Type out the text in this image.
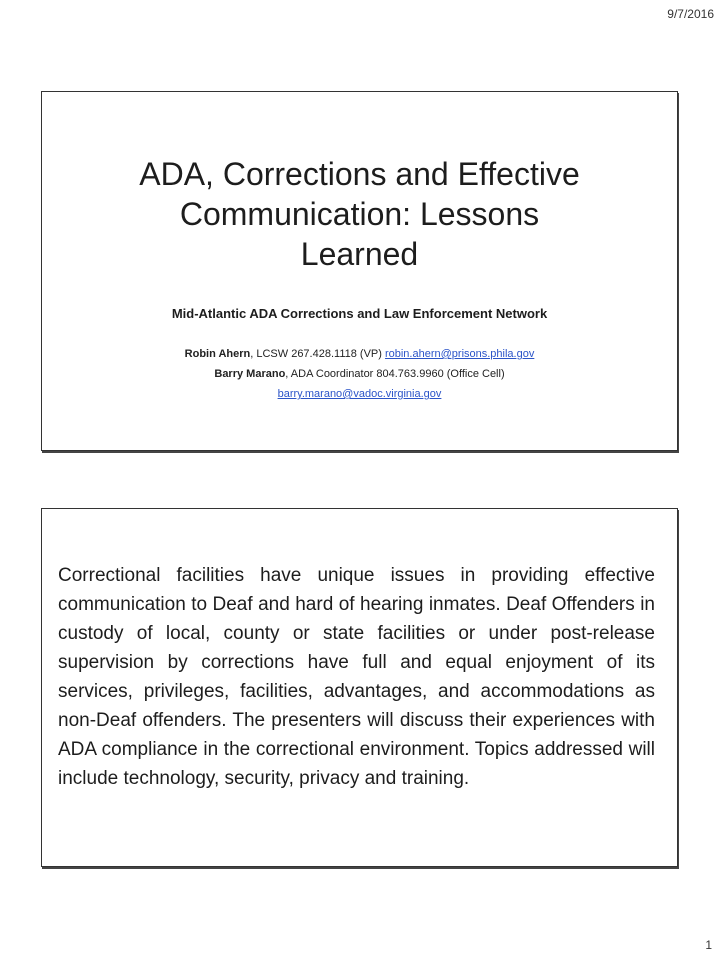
9/7/2016
ADA, Corrections and Effective
Communication: Lessons
Learned
Mid-Atlantic ADA Corrections and Law Enforcement Network
Robin Ahern, LCSW 267.428.1118 (VP) robin.ahern@prisons.phila.gov
Barry Marano, ADA Coordinator 804.763.9960 (Office Cell)
barry.marano@vadoc.virginia.gov
Correctional facilities have unique issues in providing effective communication to Deaf and hard of hearing inmates. Deaf Offenders in custody of local, county or state facilities or under post-release supervision by corrections have full and equal enjoyment of its services, privileges, facilities, advantages, and accommodations as non-Deaf offenders. The presenters will discuss their experiences with ADA compliance in the correctional environment. Topics addressed will include technology, security, privacy and training.
1
